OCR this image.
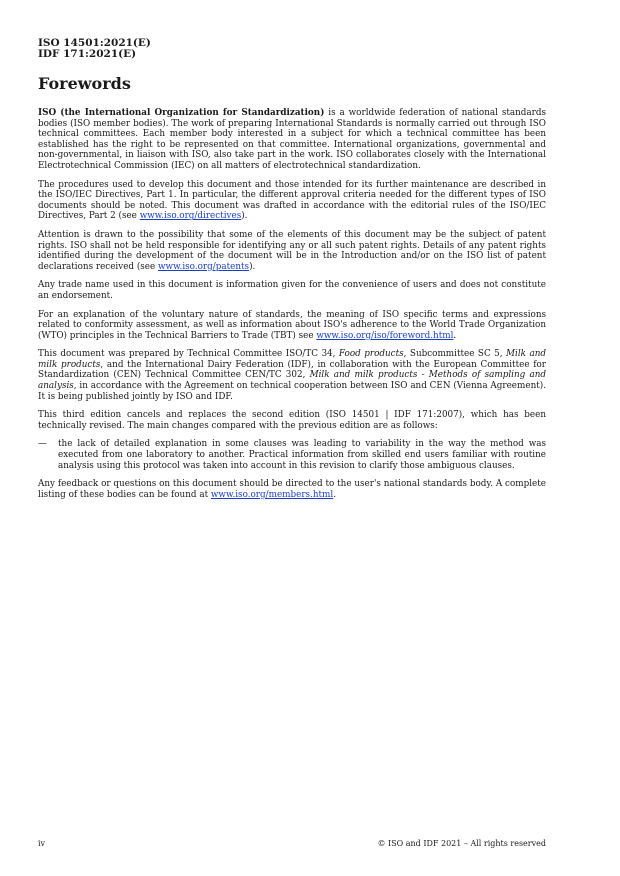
ISO 14501:2021(E)
IDF 171:2021(E)
Forewords

ISO (the International Organization for Standardization) is a worldwide federation of national standards bodies (ISO member bodies). The work of preparing International Standards is normally carried out through ISO technical committees. Each member body interested in a subject for which a technical committee has been established has the right to be represented on that committee. International organizations, governmental and non-governmental, in liaison with ISO, also take part in the work. ISO collaborates closely with the International Electrotechnical Commission (IEC) on all matters of electrotechnical standardization.

The procedures used to develop this document and those intended for its further maintenance are described in the ISO/IEC Directives, Part 1. In particular, the different approval criteria needed for the different types of ISO documents should be noted. This document was drafted in accordance with the editorial rules of the ISO/IEC Directives, Part 2 (see www.iso.org/directives).

Attention is drawn to the possibility that some of the elements of this document may be the subject of patent rights. ISO shall not be held responsible for identifying any or all such patent rights. Details of any patent rights identified during the development of the document will be in the Introduction and/or on the ISO list of patent declarations received (see www.iso.org/patents).

Any trade name used in this document is information given for the convenience of users and does not constitute an endorsement.

For an explanation of the voluntary nature of standards, the meaning of ISO specific terms and expressions related to conformity assessment, as well as information about ISO's adherence to the World Trade Organization (WTO) principles in the Technical Barriers to Trade (TBT) see www.iso.org/iso/foreword.html.

This document was prepared by Technical Committee ISO/TC 34, Food products, Subcommittee SC 5, Milk and milk products, and the International Dairy Federation (IDF), in collaboration with the European Committee for Standardization (CEN) Technical Committee CEN/TC 302, Milk and milk products - Methods of sampling and analysis, in accordance with the Agreement on technical cooperation between ISO and CEN (Vienna Agreement). It is being published jointly by ISO and IDF.

This third edition cancels and replaces the second edition (ISO 14501 | IDF 171:2007), which has been technically revised. The main changes compared with the previous edition are as follows:

—	the lack of detailed explanation in some clauses was leading to variability in the way the method was executed from one laboratory to another. Practical information from skilled end users familiar with routine analysis using this protocol was taken into account in this revision to clarify those ambiguous clauses.

Any feedback or questions on this document should be directed to the user's national standards body. A complete listing of these bodies can be found at www.iso.org/members.html.

iv	© ISO and IDF 2021 – All rights reserved
